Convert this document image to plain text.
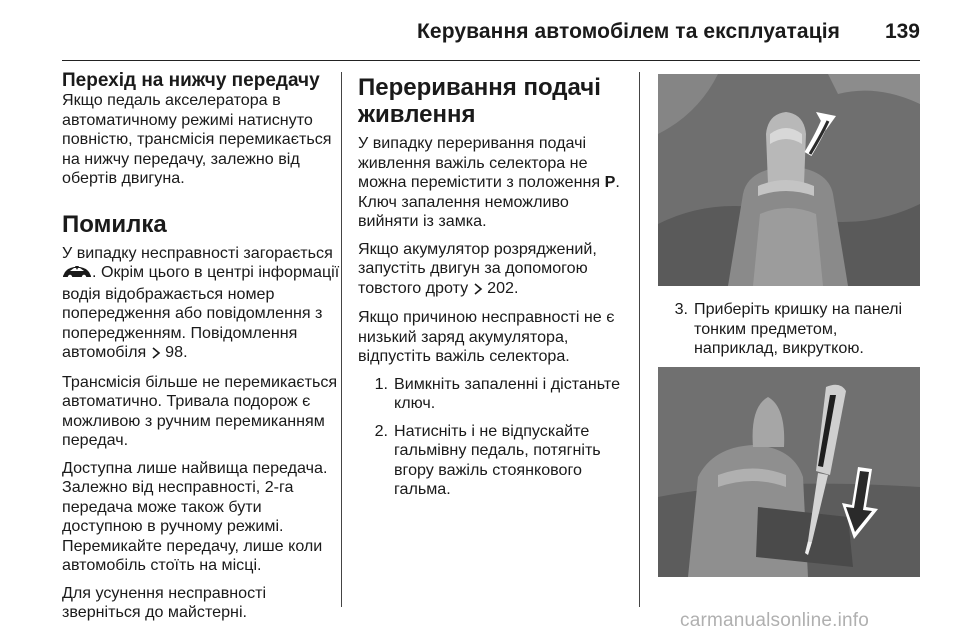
Керування автомобілем та експлуатація 139
Перехід на нижчу передачу

Якщо педаль акселератора в автоматичному режимі натиснуто повністю, трансмісія перемикається на нижчу передачу, залежно від обертів двигуна.

Помилка

У випадку несправності загорається . Окрім цього в центрі інформації водія відображається номер попередження або повідомлення з попередженням. Повідомлення автомобіля 98.

Трансмісія більше не перемикається автоматично. Тривала подорож є можливою з ручним перемиканням передач.

Доступна лише найвища передача. Залежно від несправності, 2-га передача може також бути доступною в ручному режимі. Перемикайте передачу, лише коли автомобіль стоїть на місці.

Для усунення несправності зверніться до майстерні.

Переривання подачі живлення

У випадку переривання подачі живлення важіль селектора не можна перемістити з положення P. Ключ запалення неможливо вийняти із замка.

Якщо акумулятор розряджений, запустіть двигун за допомогою товстого дроту 202.

Якщо причиною несправності не є низький заряд акумулятора, відпустіть важіль селектора.

1. Вимкніть запаленні і дістаньте ключ.
2. Натисніть і не відпускайте гальмівну педаль, потягніть вгору важіль стоянкового гальма.
3. Приберіть кришку на панелі тонким предметом, наприклад, викруткою.
carmanualsonline.info
